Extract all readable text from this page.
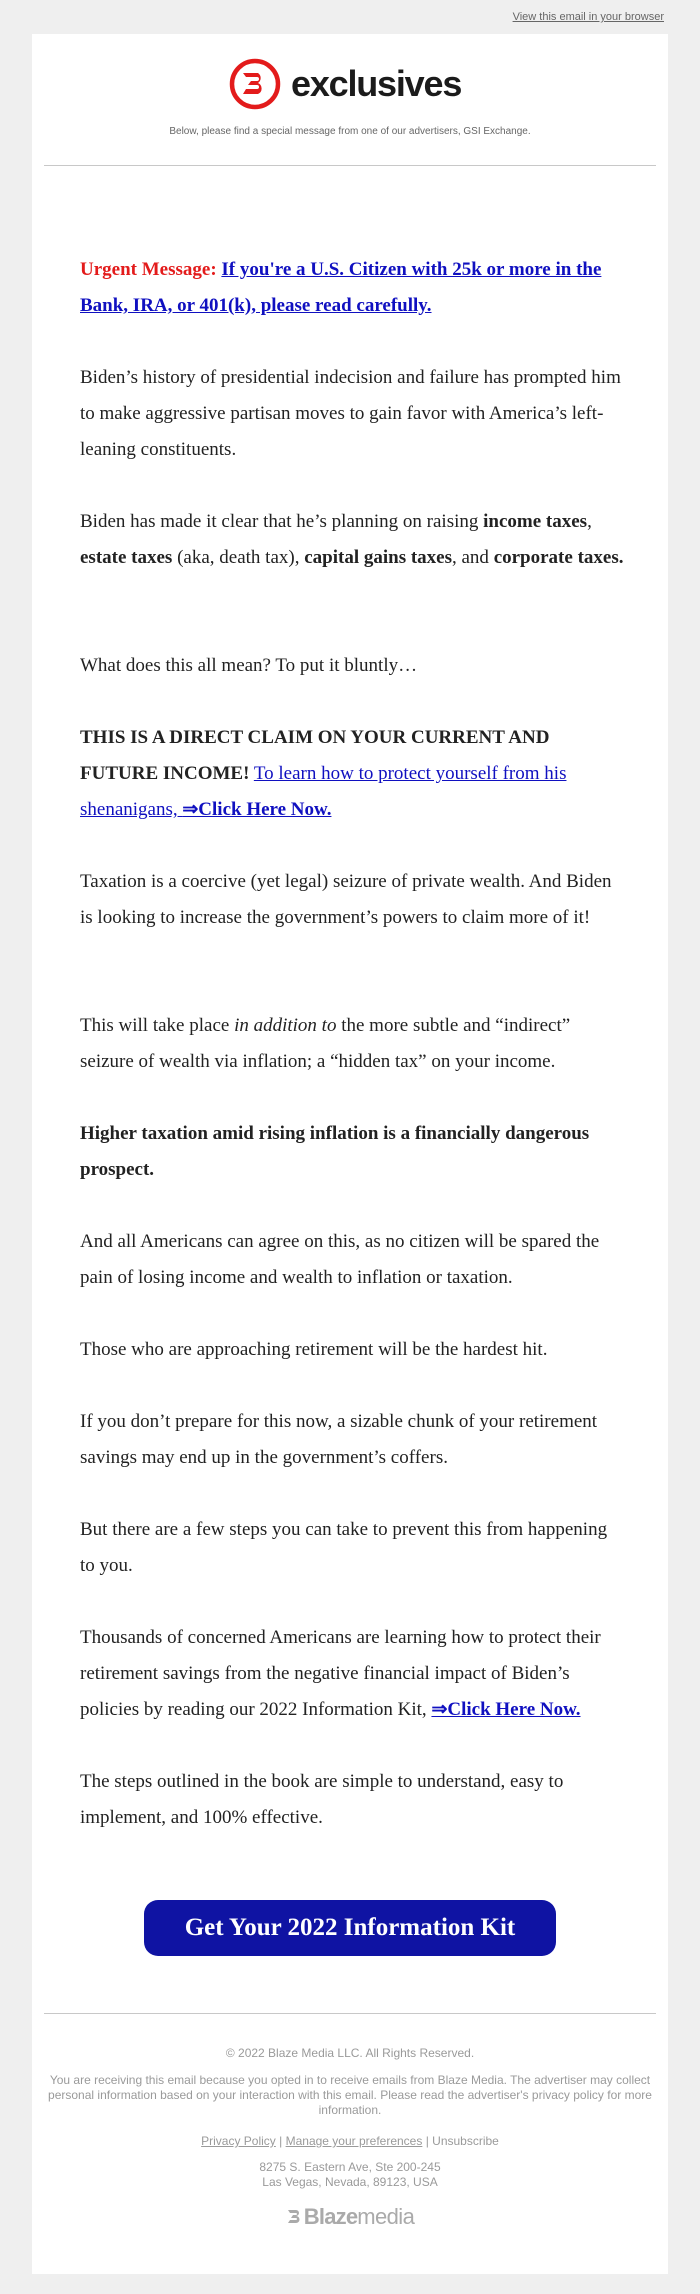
View this email in your browser
exclusives
Below, please find a special message from one of our advertisers, GSI Exchange.

Urgent Message: If you're a U.S. Citizen with 25k or more in the Bank, IRA, or 401(k), please read carefully.

Biden’s history of presidential indecision and failure has prompted him to make aggressive partisan moves to gain favor with America’s left-leaning constituents.

Biden has made it clear that he’s planning on raising income taxes, estate taxes (aka, death tax), capital gains taxes, and corporate taxes.

What does this all mean? To put it bluntly…

THIS IS A DIRECT CLAIM ON YOUR CURRENT AND FUTURE INCOME! To learn how to protect yourself from his shenanigans, ⇒Click Here Now.

Taxation is a coercive (yet legal) seizure of private wealth. And Biden is looking to increase the government’s powers to claim more of it!

This will take place in addition to the more subtle and “indirect” seizure of wealth via inflation; a “hidden tax” on your income.

Higher taxation amid rising inflation is a financially dangerous prospect.

And all Americans can agree on this, as no citizen will be spared the pain of losing income and wealth to inflation or taxation.

Those who are approaching retirement will be the hardest hit.

If you don’t prepare for this now, a sizable chunk of your retirement savings may end up in the government’s coffers.

But there are a few steps you can take to prevent this from happening to you.

Thousands of concerned Americans are learning how to protect their retirement savings from the negative financial impact of Biden’s policies by reading our 2022 Information Kit, ⇒Click Here Now.

The steps outlined in the book are simple to understand, easy to implement, and 100% effective.

Get Your 2022 Information Kit
© 2022 Blaze Media LLC. All Rights Reserved.
You are receiving this email because you opted in to receive emails from Blaze Media. The advertiser may collect personal information based on your interaction with this email. Please read the advertiser's privacy policy for more information.
Privacy Policy | Manage your preferences | Unsubscribe
8275 S. Eastern Ave, Ste 200-245
Las Vegas, Nevada, 89123, USA
Blaze media
